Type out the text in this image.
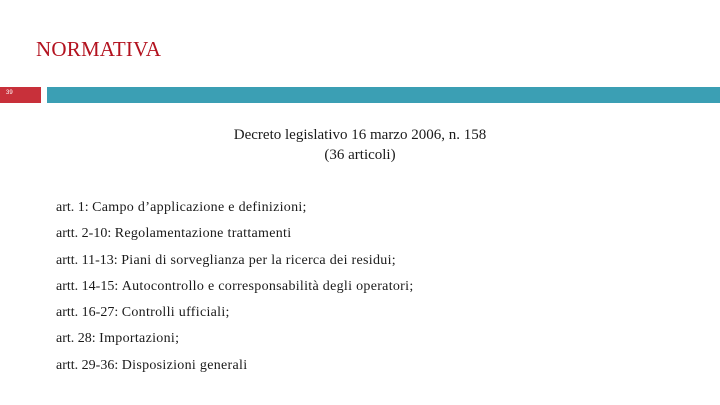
NORMATIVA
39
Decreto legislativo 16 marzo 2006, n. 158
(36 articoli)
art. 1: Campo d’applicazione e definizioni;
artt. 2-10: Regolamentazione trattamenti
artt. 11-13: Piani di sorveglianza per la ricerca dei residui;
artt. 14-15: Autocontrollo e corresponsabilità degli operatori;
artt. 16-27: Controlli ufficiali;
art. 28: Importazioni;
artt. 29-36: Disposizioni generali
